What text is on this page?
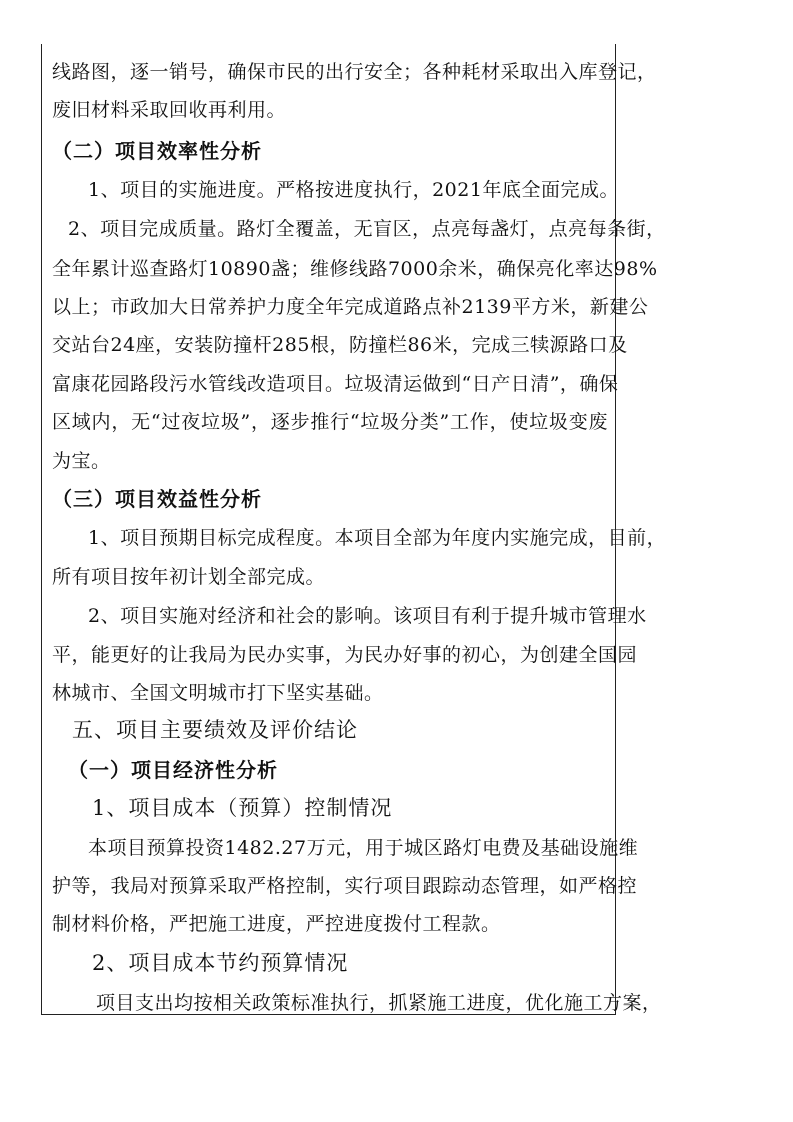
线路图，逐一销号，确保市民的出行安全；各种耗材采取出入库登记，
废旧材料采取回收再利用。
（二）项目效率性分析
1、项目的实施进度。严格按进度执行，2021年底全面完成。
2、项目完成质量。路灯全覆盖，无盲区，点亮每盏灯，点亮每条街，
全年累计巡查路灯10890盏；维修线路7000余米，确保亮化率达98%
以上；市政加大日常养护力度全年完成道路点补2139平方米，新建公
交站台24座，安装防撞杆285根，防撞栏86米，完成三犊源路口及
富康花园路段污水管线改造项目。垃圾清运做到“日产日清”，确保
区域内，无“过夜垃圾”，逐步推行“垃圾分类”工作，使垃圾变废
为宝。
（三）项目效益性分析
1、项目预期目标完成程度。本项目全部为年度内实施完成，目前，
所有项目按年初计划全部完成。
2、项目实施对经济和社会的影响。该项目有利于提升城市管理水
平，能更好的让我局为民办实事，为民办好事的初心，为创建全国园
林城市、全国文明城市打下坚实基础。
五、项目主要绩效及评价结论
（一）项目经济性分析
1、项目成本（预算）控制情况
本项目预算投资1482.27万元，用于城区路灯电费及基础设施维
护等，我局对预算采取严格控制，实行项目跟踪动态管理，如严格控
制材料价格，严把施工进度，严控进度拨付工程款。
2、项目成本节约预算情况
项目支出均按相关政策标准执行，抓紧施工进度，优化施工方案，
